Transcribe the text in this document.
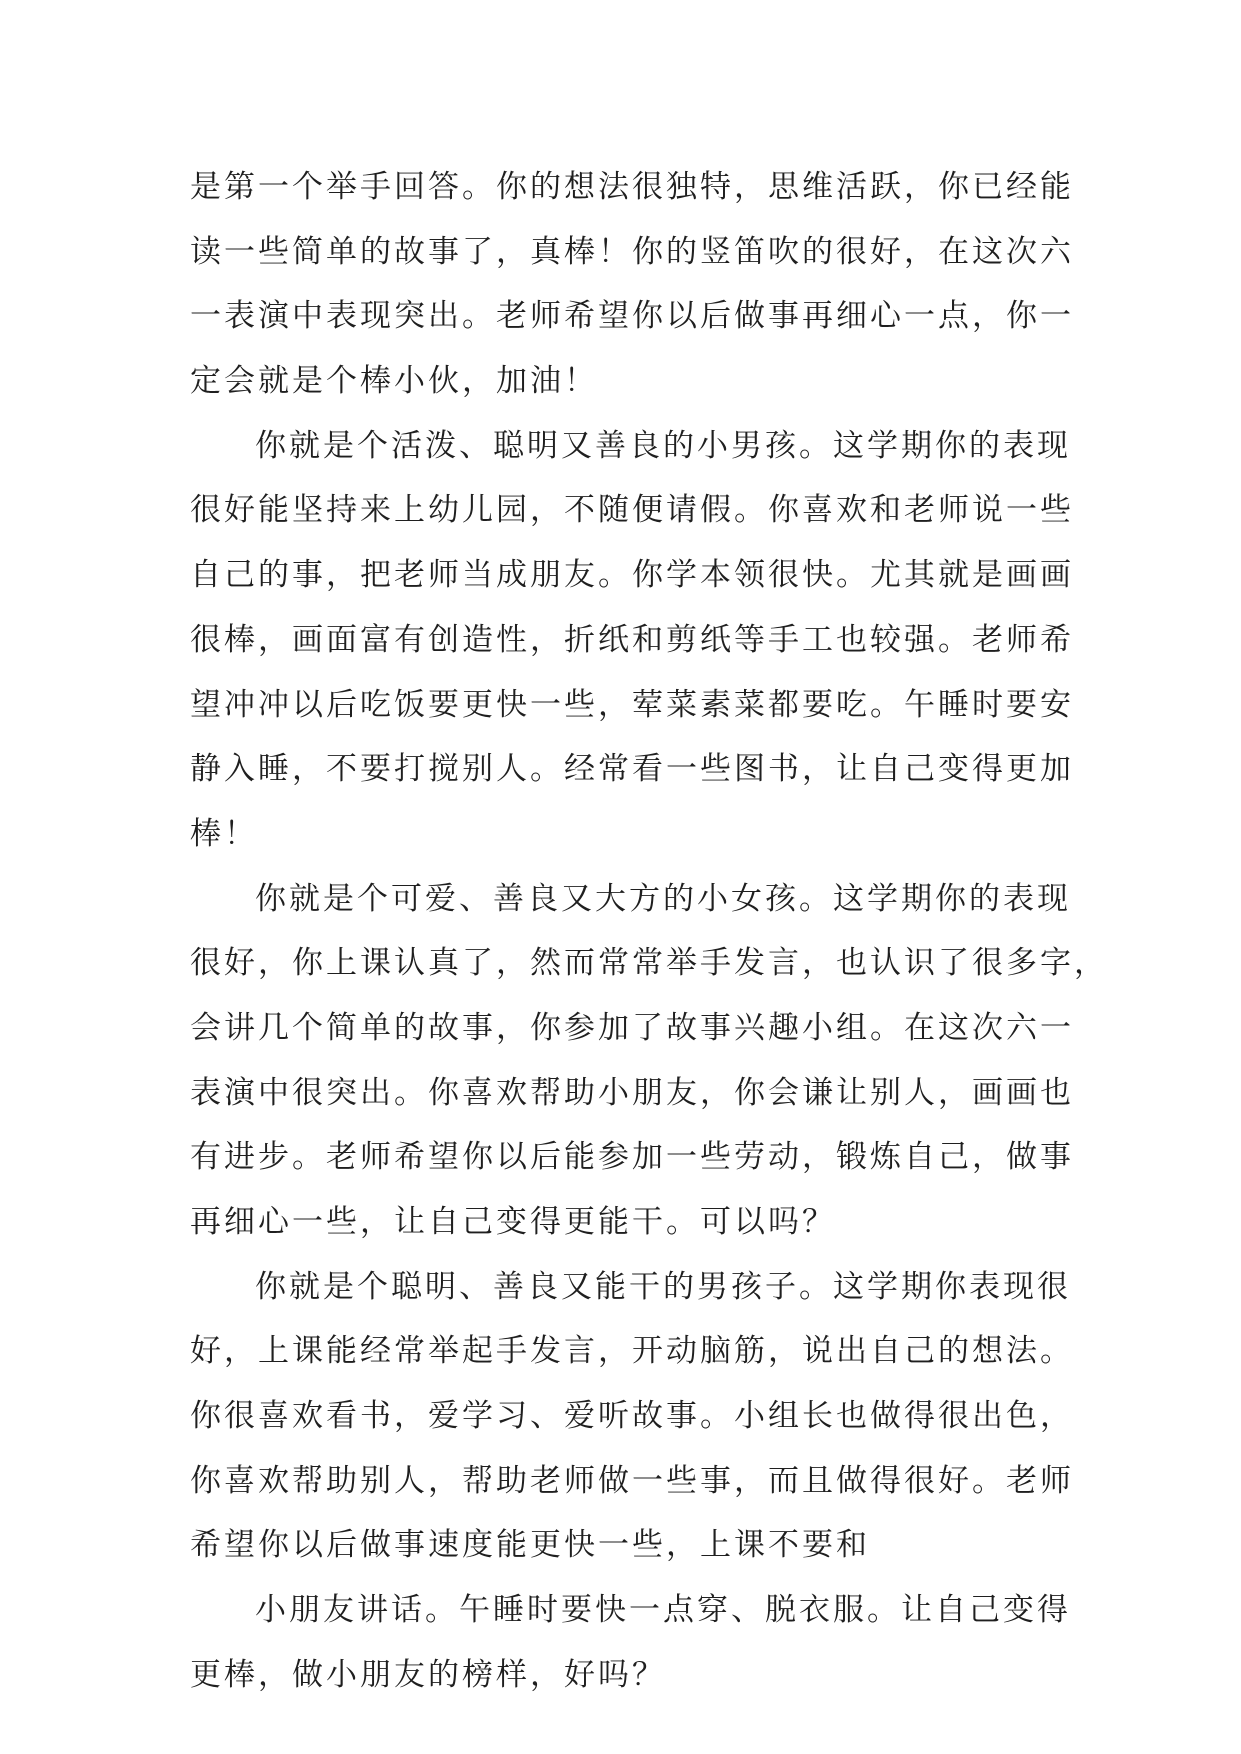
是第一个举手回答。你的想法很独特，思维活跃，你已经能
读一些简单的故事了，真棒！你的竖笛吹的很好，在这次六
一表演中表现突出。老师希望你以后做事再细心一点，你一
定会就是个棒小伙，加油！
你就是个活泼、聪明又善良的小男孩。这学期你的表现
很好能坚持来上幼儿园，不随便请假。你喜欢和老师说一些
自己的事，把老师当成朋友。你学本领很快。尤其就是画画
很棒，画面富有创造性，折纸和剪纸等手工也较强。老师希
望冲冲以后吃饭要更快一些，荤菜素菜都要吃。午睡时要安
静入睡，不要打搅别人。经常看一些图书，让自己变得更加
棒！
你就是个可爱、善良又大方的小女孩。这学期你的表现
很好，你上课认真了，然而常常举手发言，也认识了很多字，
会讲几个简单的故事，你参加了故事兴趣小组。在这次六一
表演中很突出。你喜欢帮助小朋友，你会谦让别人，画画也
有进步。老师希望你以后能参加一些劳动，锻炼自己，做事
再细心一些，让自己变得更能干。可以吗？
你就是个聪明、善良又能干的男孩子。这学期你表现很
好，上课能经常举起手发言，开动脑筋，说出自己的想法。
你很喜欢看书，爱学习、爱听故事。小组长也做得很出色，
你喜欢帮助别人，帮助老师做一些事，而且做得很好。老师
希望你以后做事速度能更快一些，上课不要和
小朋友讲话。午睡时要快一点穿、脱衣服。让自己变得
更棒，做小朋友的榜样，好吗？
